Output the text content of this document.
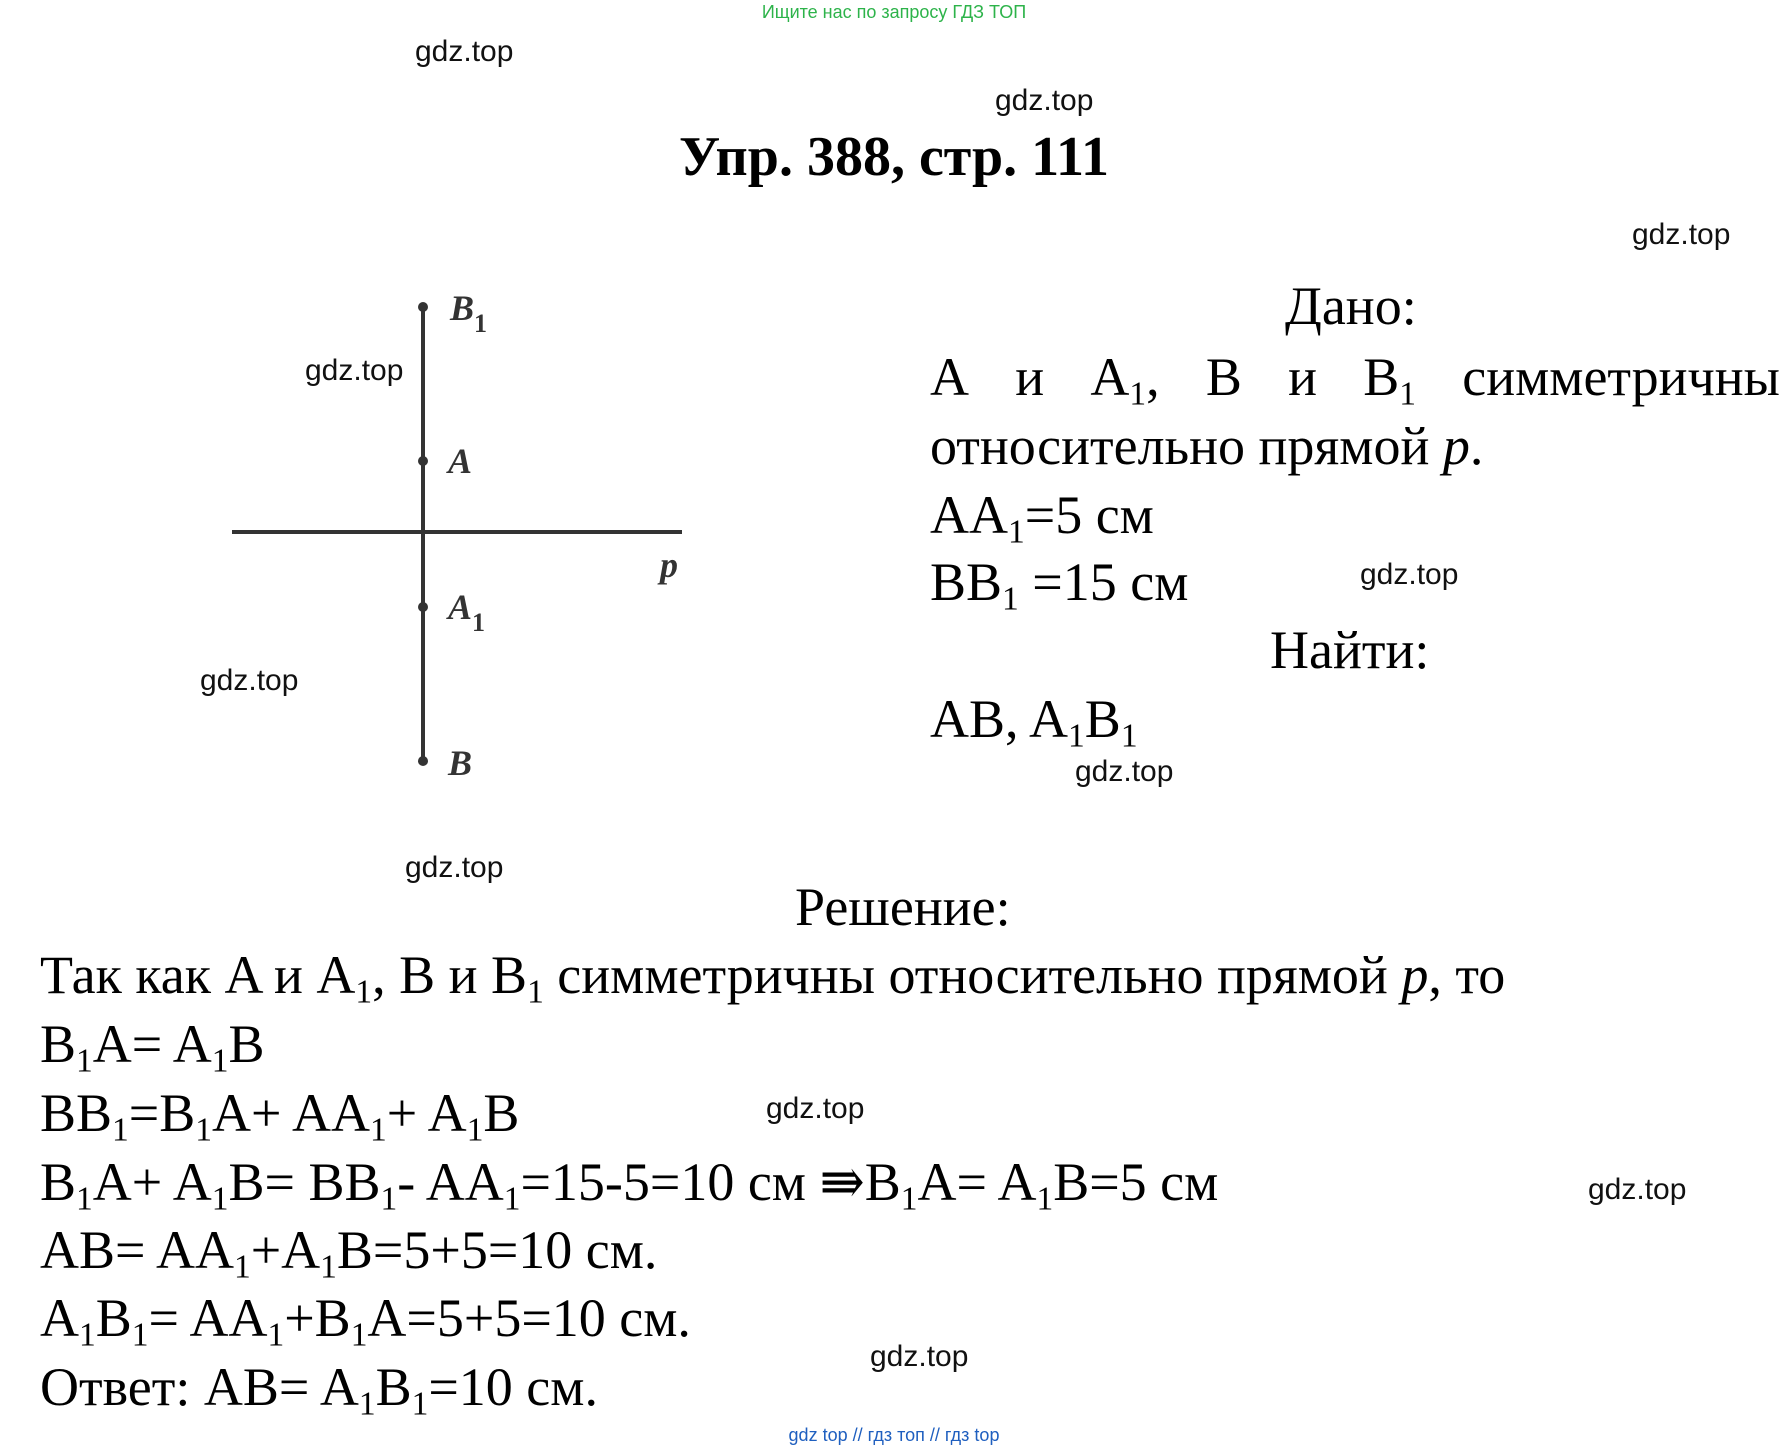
Ищите нас по запросу ГДЗ ТОП
gdz top // гдз топ // гдз top
gdz.top
gdz.top
gdz.top
gdz.top
gdz.top
gdz.top
gdz.top
gdz.top
gdz.top
gdz.top
gdz.top
Упр. 388, стр. 111
$B_1$
A
$A_1$
B
p
Дано:
A и $A_1$, B и $B_1$ симметричны
относительно прямой p.
$AA_1=5$ см
$BB_1 =15$ см
Найти:
AB, $A_1B_1$
Решение:
Так как A и $A_1$, B и $B_1$ симметричны относительно прямой p, то
$B_1A= A_1B$
$BB_1=B_1A+ AA_1+ A_1B$
$B_1A+ A_1B= BB_1-$ $AA_1=15-5=10$ см $⇛B_1A= A_1B=5$ см
$AB= AA_1+A_1B=5+5=10$ см.
$A_1B_1= AA_1+B_1A=5+5=10$ см.
Ответ: $AB= A_1B_1=10$ см.
